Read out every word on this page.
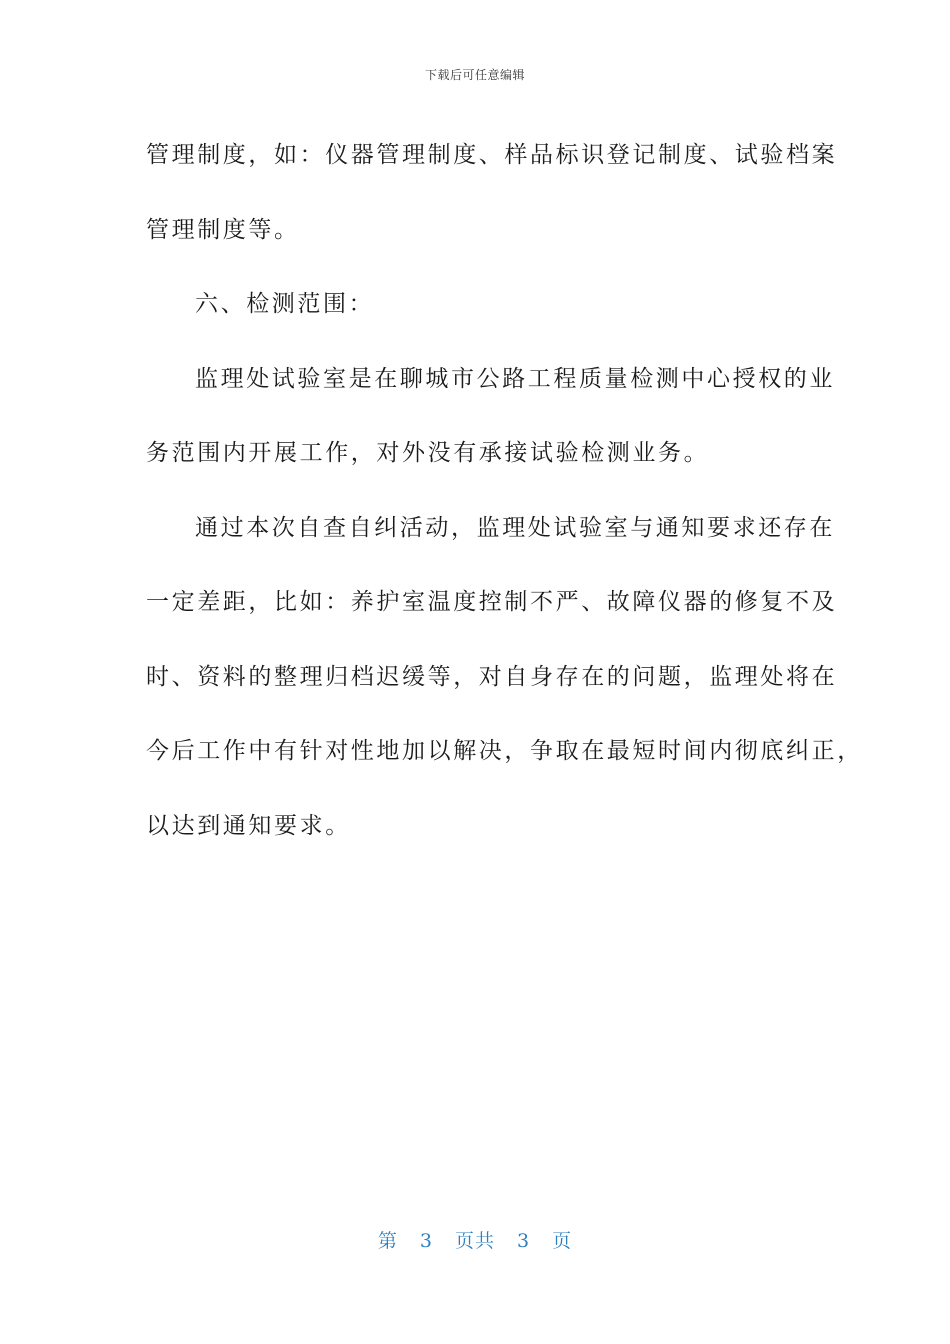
下载后可任意编辑

管理制度，如：仪器管理制度、样品标识登记制度、试验档案
管理制度等。

六、检测范围：

监理处试验室是在聊城市公路工程质量检测中心授权的业
务范围内开展工作，对外没有承接试验检测业务。

通过本次自查自纠活动，监理处试验室与通知要求还存在
一定差距，比如：养护室温度控制不严、故障仪器的修复不及
时、资料的整理归档迟缓等，对自身存在的问题，监理处将在
今后工作中有针对性地加以解决，争取在最短时间内彻底纠正，
以达到通知要求。

第 3 页共 3 页
